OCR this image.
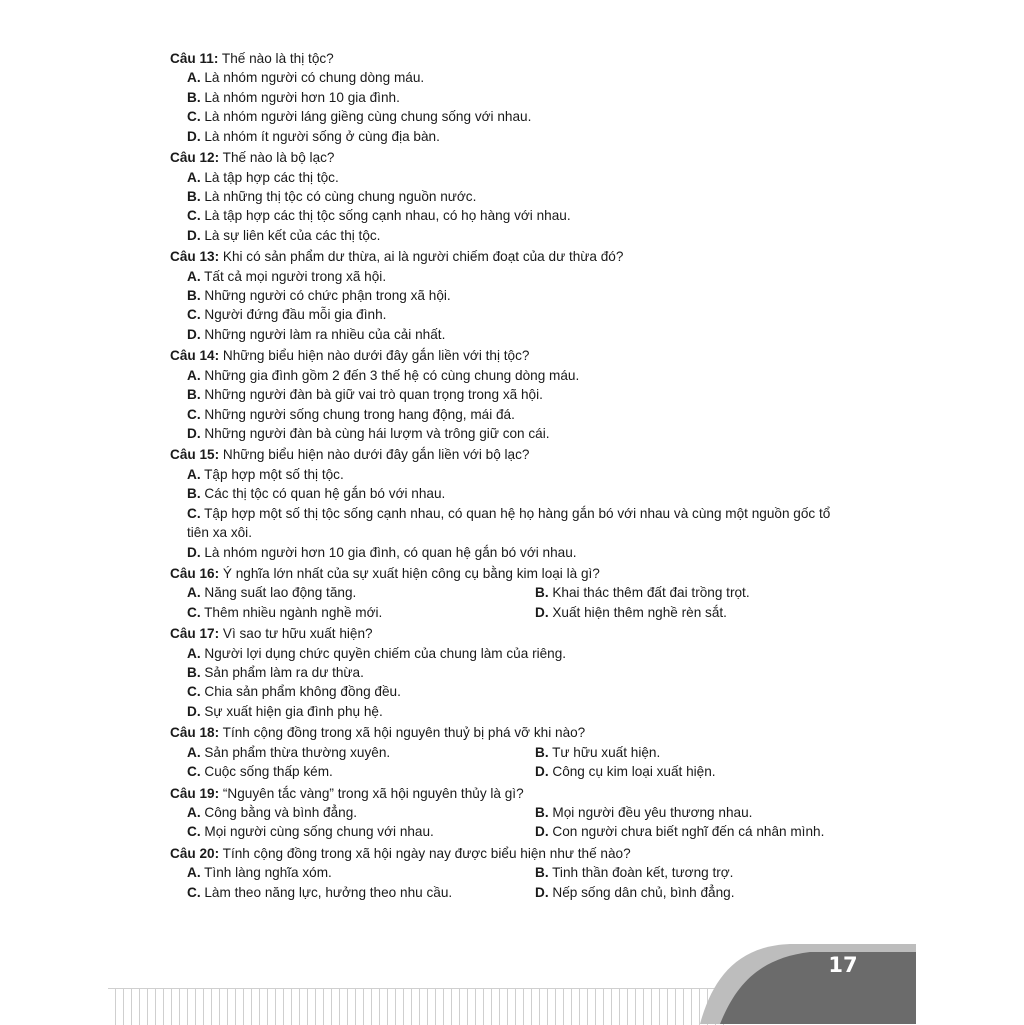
Câu 11: Thế nào là thị tộc?
A. Là nhóm người có chung dòng máu.
B. Là nhóm người hơn 10 gia đình.
C. Là nhóm người láng giềng cùng chung sống với nhau.
D. Là nhóm ít người sống ở cùng địa bàn.
Câu 12: Thế nào là bộ lạc?
A. Là tập hợp các thị tộc.
B. Là những thị tộc có cùng chung nguồn nước.
C. Là tập hợp các thị tộc sống cạnh nhau, có họ hàng với nhau.
D. Là sự liên kết của các thị tộc.
Câu 13: Khi có sản phẩm dư thừa, ai là người chiếm đoạt của dư thừa đó?
A. Tất cả mọi người trong xã hội.
B. Những người có chức phận trong xã hội.
C. Người đứng đầu mỗi gia đình.
D. Những người làm ra nhiều của cải nhất.
Câu 14: Những biểu hiện nào dưới đây gắn liền với thị tộc?
A. Những gia đình gồm 2 đến 3 thế hệ có cùng chung dòng máu.
B. Những người đàn bà giữ vai trò quan trọng trong xã hội.
C. Những người sống chung trong hang động, mái đá.
D. Những người đàn bà cùng hái lượm và trông giữ con cái.
Câu 15: Những biểu hiện nào dưới đây gắn liền với bộ lạc?
A. Tập hợp một số thị tộc.
B. Các thị tộc có quan hệ gắn bó với nhau.
C. Tập hợp một số thị tộc sống cạnh nhau, có quan hệ họ hàng gắn bó với nhau và cùng một nguồn gốc tổ
tiên xa xôi.
D. Là nhóm người hơn 10 gia đình, có quan hệ gắn bó với nhau.
Câu 16: Ý nghĩa lớn nhất của sự xuất hiện công cụ bằng kim loại là gì?
A. Năng suất lao động tăng.	B. Khai thác thêm đất đai trồng trọt.
C. Thêm nhiều ngành nghề mới.	D. Xuất hiện thêm nghề rèn sắt.
Câu 17: Vì sao tư hữu xuất hiện?
A. Người lợi dụng chức quyền chiếm của chung làm của riêng.
B. Sản phẩm làm ra dư thừa.
C. Chia sản phẩm không đồng đều.
D. Sự xuất hiện gia đình phụ hệ.
Câu 18: Tính cộng đồng trong xã hội nguyên thuỷ bị phá vỡ khi nào?
A. Sản phẩm thừa thường xuyên.	B. Tư hữu xuất hiện.
C. Cuộc sống thấp kém.	D. Công cụ kim loại xuất hiện.
Câu 19: “Nguyên tắc vàng” trong xã hội nguyên thủy là gì?
A. Công bằng và bình đẳng.	B. Mọi người đều yêu thương nhau.
C. Mọi người cùng sống chung với nhau.	D. Con người chưa biết nghĩ đến cá nhân mình.
Câu 20: Tính cộng đồng trong xã hội ngày nay được biểu hiện như thế nào?
A. Tình làng nghĩa xóm.	B. Tinh thần đoàn kết, tương trợ.
C. Làm theo năng lực, hưởng theo nhu cầu.	D. Nếp sống dân chủ, bình đẳng.
17
